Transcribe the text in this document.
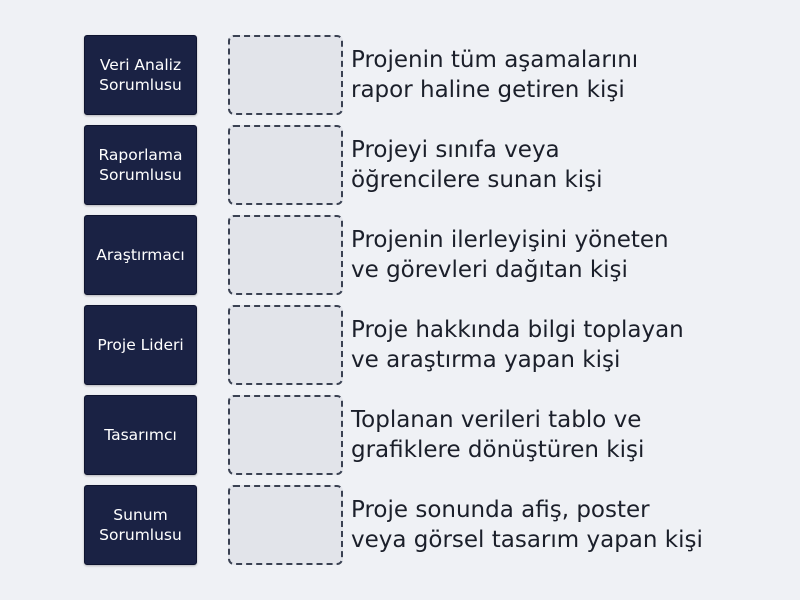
Veri Analiz
Sorumlusu
Raporlama
Sorumlusu
Araştırmacı
Proje Lideri
Tasarımcı
Sunum
Sorumlusu
Projenin tüm aşamalarını
rapor haline getiren kişi
Projeyi sınıfa veya
öğrencilere sunan kişi
Projenin ilerleyişini yöneten
ve görevleri dağıtan kişi
Proje hakkında bilgi toplayan
ve araştırma yapan kişi
Toplanan verileri tablo ve
grafiklere dönüştüren kişi
Proje sonunda afiş, poster
veya görsel tasarım yapan kişi
